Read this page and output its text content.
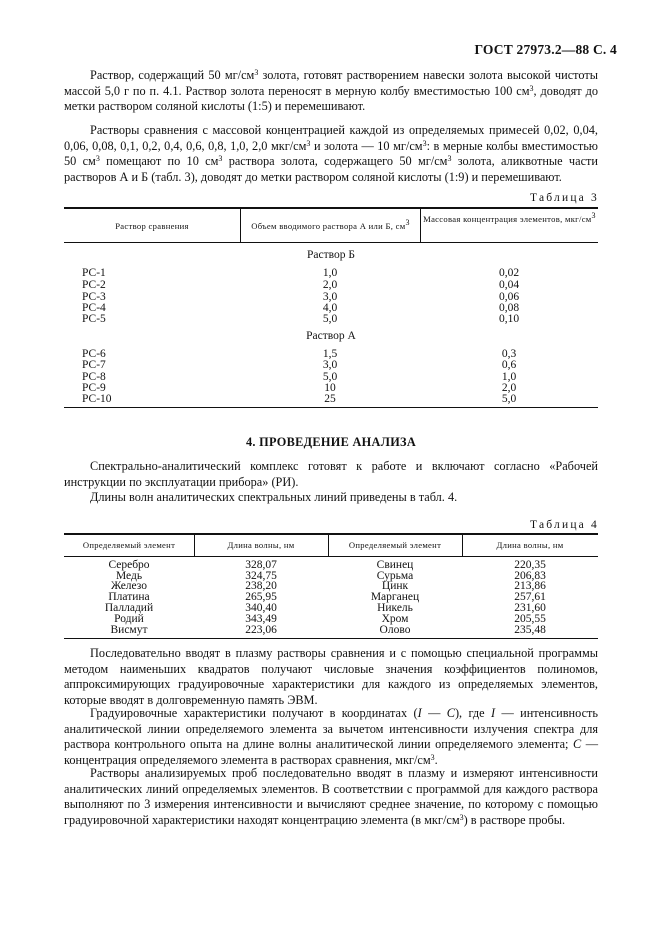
ГОСТ 27973.2—88 С. 4

Раствор, содержащий 50 $мг/см^3$ золота, готовят растворением навески золота высокой чистоты массой 5,0 г по п. 4.1. Раствор золота переносят в мерную колбу вместимостью 100 $см^3$, доводят до метки раствором соляной кислоты (1:5) и перемешивают.

Растворы сравнения с массовой концентрацией каждой из определяемых примесей 0,02, 0,04, 0,06, 0,08, 0,1, 0,2, 0,4, 0,6, 0,8, 1,0, 2,0 мкг/$см^3$ и золота — 10 $мг/см^3$: в мерные колбы вместимостью 50 $см^3$ помещают по 10 $см^3$ раствора золота, содержащего 50 $мг/см^3$ золота, аликвотные части растворов А и Б (табл. 3), доводят до метки раствором соляной кислоты (1:9) и перемешивают.

Таблица 3
Раствор сравнения	Объем вводимого раствора А или Б, $см^3$	Массовая концентрация элементов, мкг/$см^3$
Раствор Б
РС-1	1,0	0,02
РС-2	2,0	0,04
РС-3	3,0	0,06
РС-4	4,0	0,08
РС-5	5,0	0,10
Раствор А
РС-6	1,5	0,3
РС-7	3,0	0,6
РС-8	5,0	1,0
РС-9	10	2,0
РС-10	25	5,0
4. ПРОВЕДЕНИЕ АНАЛИЗА

Спектрально-аналитический комплекс готовят к работе и включают согласно «Рабочей инструкции по эксплуатации прибора» (РИ).

Длины волн аналитических спектральных линий приведены в табл. 4.

Таблица 4
Определяемый элемент	Длина волны, нм	Определяемый элемент	Длина волны, нм
Серебро	328,07	Свинец	220,35
Медь	324,75	Сурьма	206,83
Железо	238,20	Цинк	213,86
Платина	265,95	Марганец	257,61
Палладий	340,40	Никель	231,60
Родий	343,49	Хром	205,55
Висмут	223,06	Олово	235,48

Последовательно вводят в плазму растворы сравнения и с помощью специальной программы методом наименьших квадратов получают числовые значения коэффициентов полиномов, аппроксимирующих градуировочные характеристики для каждого из определяемых элементов, которые вводят в долговременную память ЭВМ.

Градуировочные характеристики получают в координатах (I — C), где I — интенсивность аналитической линии определяемого элемента за вычетом интенсивности излучения спектра для раствора контрольного опыта на длине волны аналитической линии определяемого элемента; C — концентрация определяемого элемента в растворах сравнения, мкг/$см^3$.

Растворы анализируемых проб последовательно вводят в плазму и измеряют интенсивности аналитических линий определяемых элементов. В соответствии с программой для каждого раствора выполняют по 3 измерения интенсивности и вычисляют среднее значение, по которому с помощью градуировочной характеристики находят концентрацию элемента (в мкг/$см^3$) в растворе пробы.
